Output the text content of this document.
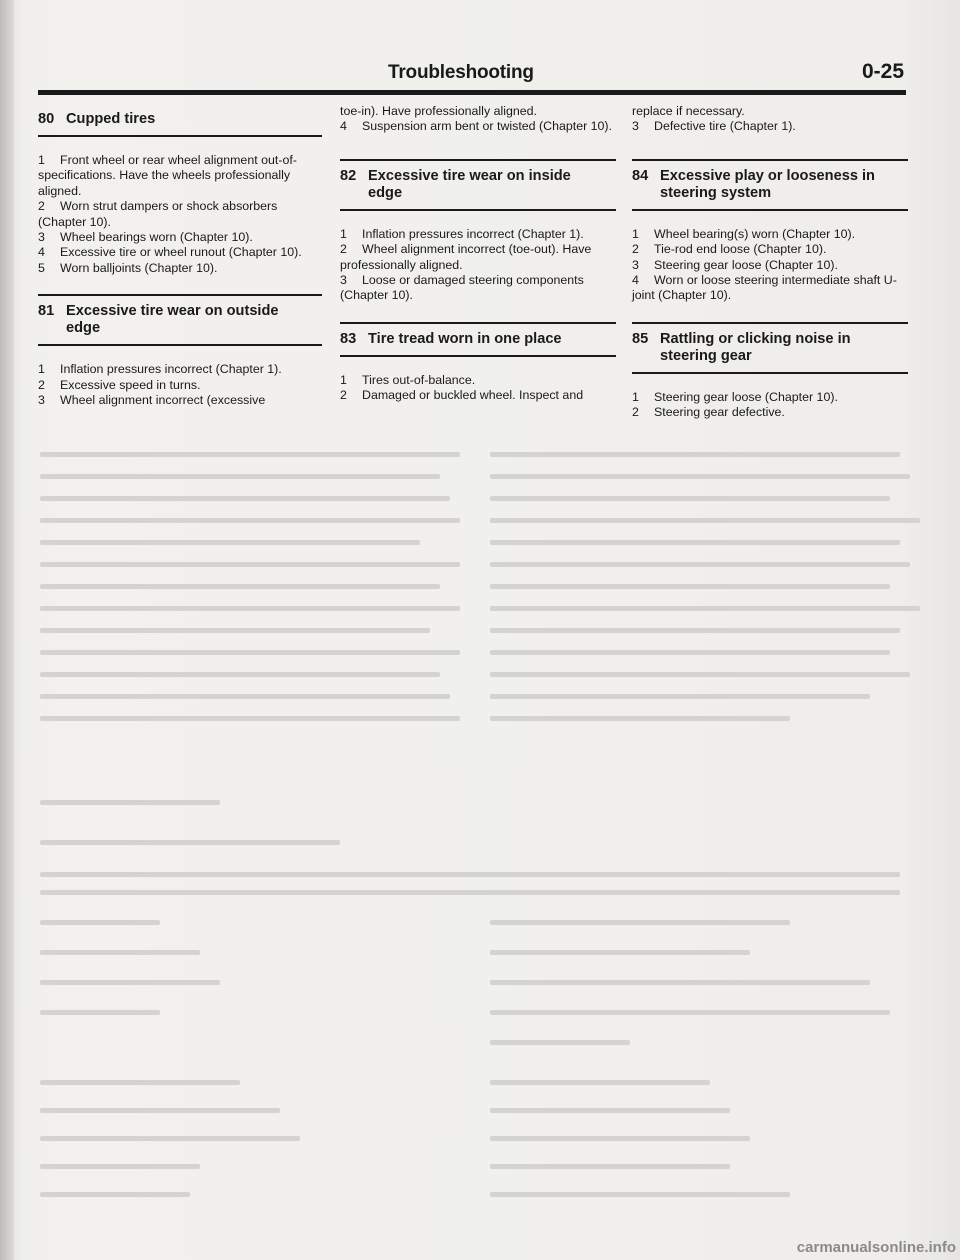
Troubleshooting	0-25
80 Cupped tires
1 Front wheel or rear wheel alignment out-of-specifications. Have the wheels professionally aligned.
2 Worn strut dampers or shock absorbers (Chapter 10).
3 Wheel bearings worn (Chapter 10).
4 Excessive tire or wheel runout (Chapter 10).
5 Worn balljoints (Chapter 10).
81 Excessive tire wear on outside
edge
1 Inflation pressures incorrect (Chapter 1).
2 Excessive speed in turns.
3 Wheel alignment incorrect (excessive
toe-in). Have professionally aligned.
4 Suspension arm bent or twisted (Chapter 10).
82 Excessive tire wear on inside
edge
1 Inflation pressures incorrect (Chapter 1).
2 Wheel alignment incorrect (toe-out). Have professionally aligned.
3 Loose or damaged steering components (Chapter 10).
83 Tire tread worn in one place
1 Tires out-of-balance.
2 Damaged or buckled wheel. Inspect and
replace if necessary.
3 Defective tire (Chapter 1).
84 Excessive play or looseness in
steering system
1 Wheel bearing(s) worn (Chapter 10).
2 Tie-rod end loose (Chapter 10).
3 Steering gear loose (Chapter 10).
4 Worn or loose steering intermediate shaft U-joint (Chapter 10).
85 Rattling or clicking noise in
steering gear
1 Steering gear loose (Chapter 10).
2 Steering gear defective.
carmanualsonline.info
